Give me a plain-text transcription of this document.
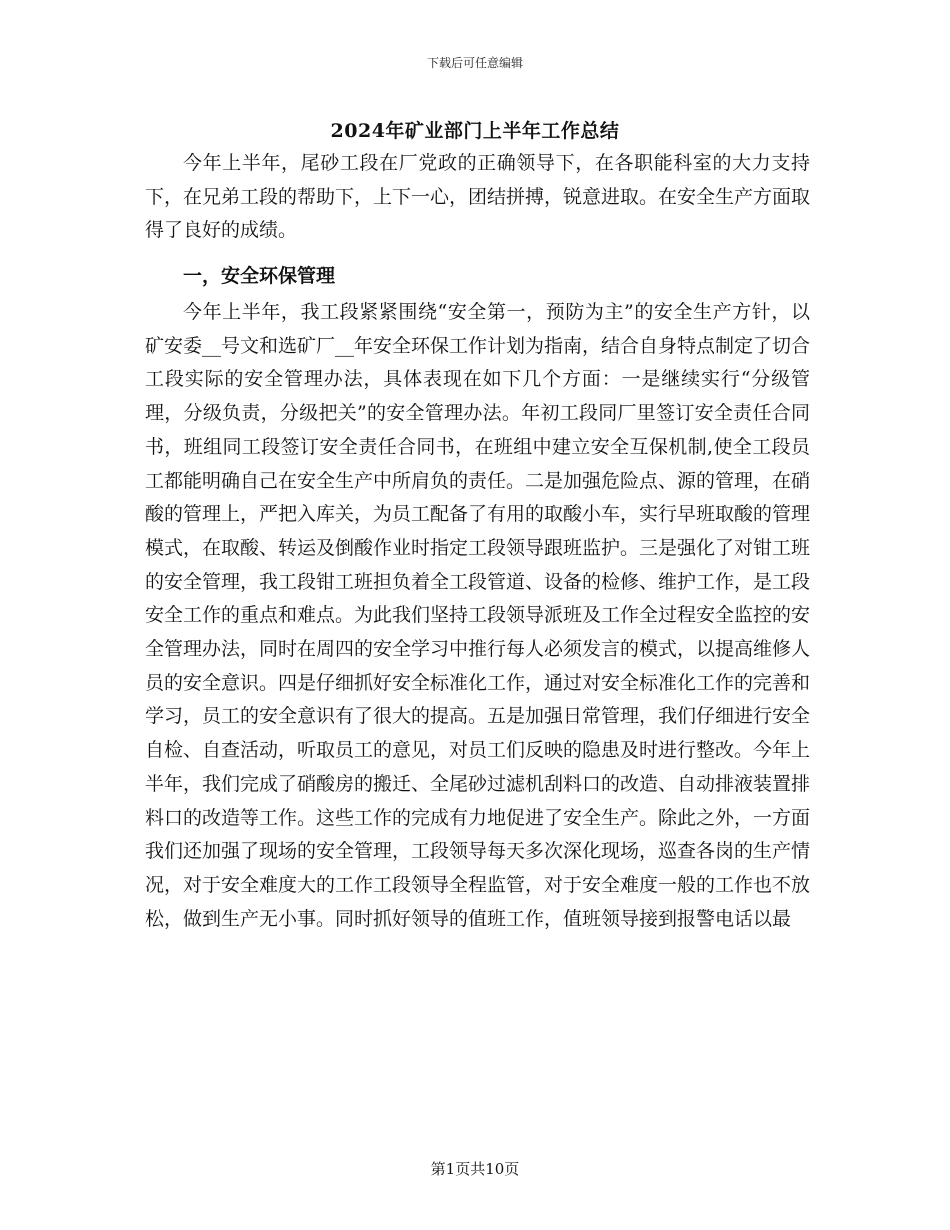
下载后可任意编辑
2024年矿业部门上半年工作总结

今年上半年，尾砂工段在厂党政的正确领导下，在各职能科室的大力支持下，在兄弟工段的帮助下，上下一心，团结拼搏，锐意进取。在安全生产方面取得了良好的成绩。

一，安全环保管理

今年上半年，我工段紧紧围绕“安全第一，预防为主”的安全生产方针，以矿安委__号文和选矿厂__年安全环保工作计划为指南，结合自身特点制定了切合工段实际的安全管理办法，具体表现在如下几个方面：一是继续实行“分级管理，分级负责，分级把关”的安全管理办法。年初工段同厂里签订安全责任合同书，班组同工段签订安全责任合同书，在班组中建立安全互保机制,使全工段员工都能明确自己在安全生产中所肩负的责任。二是加强危险点、源的管理，在硝酸的管理上，严把入库关，为员工配备了有用的取酸小车，实行早班取酸的管理模式，在取酸、转运及倒酸作业时指定工段领导跟班监护。三是强化了对钳工班的安全管理，我工段钳工班担负着全工段管道、设备的检修、维护工作，是工段安全工作的重点和难点。为此我们坚持工段领导派班及工作全过程安全监控的安全管理办法，同时在周四的安全学习中推行每人必须发言的模式，以提高维修人员的安全意识。四是仔细抓好安全标准化工作，通过对安全标准化工作的完善和学习，员工的安全意识有了很大的提高。五是加强日常管理，我们仔细进行安全自检、自查活动，听取员工的意见，对员工们反映的隐患及时进行整改。今年上半年，我们完成了硝酸房的搬迁、全尾砂过滤机刮料口的改造、自动排液装置排料口的改造等工作。这些工作的完成有力地促进了安全生产。除此之外，一方面我们还加强了现场的安全管理，工段领导每天多次深化现场，巡查各岗的生产情况，对于安全难度大的工作工段领导全程监管，对于安全难度一般的工作也不放松，做到生产无小事。同时抓好领导的值班工作，值班领导接到报警电话以最

第1页共10页
